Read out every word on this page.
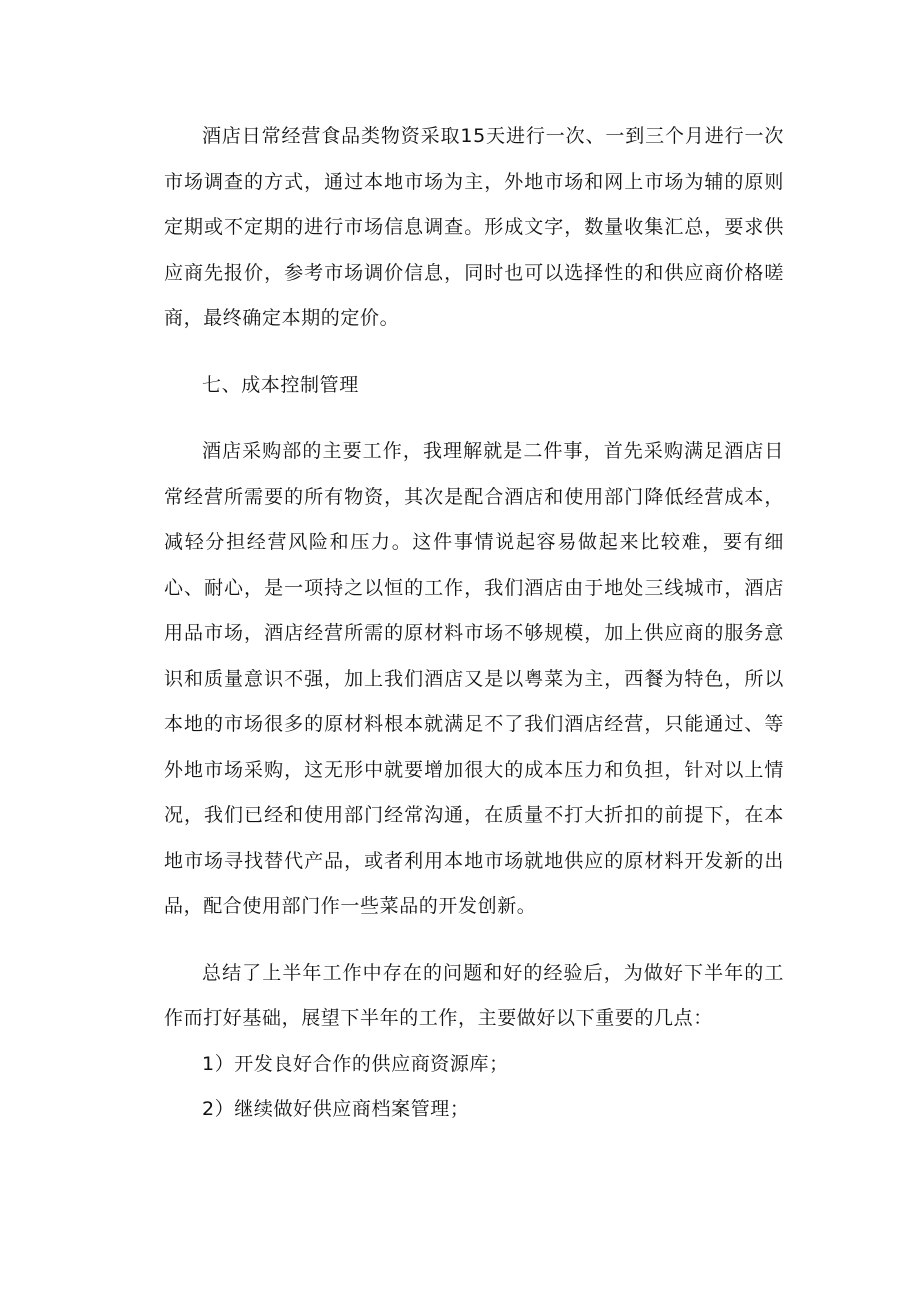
酒店日常经营食品类物资采取15天进行一次、一到三个月进行一次市场调查的方式，通过本地市场为主，外地市场和网上市场为辅的原则定期或不定期的进行市场信息调查。形成文字，数量收集汇总，要求供应商先报价，参考市场调价信息，同时也可以选择性的和供应商价格嗟商，最终确定本期的定价。

七、成本控制管理

酒店采购部的主要工作，我理解就是二件事，首先采购满足酒店日常经营所需要的所有物资，其次是配合酒店和使用部门降低经营成本，减轻分担经营风险和压力。这件事情说起容易做起来比较难，要有细心、耐心，是一项持之以恒的工作，我们酒店由于地处三线城市，酒店用品市场，酒店经营所需的原材料市场不够规模，加上供应商的服务意识和质量意识不强，加上我们酒店又是以粤菜为主，西餐为特色，所以本地的市场很多的原材料根本就满足不了我们酒店经营，只能通过、等外地市场采购，这无形中就要增加很大的成本压力和负担，针对以上情况，我们已经和使用部门经常沟通，在质量不打大折扣的前提下，在本地市场寻找替代产品，或者利用本地市场就地供应的原材料开发新的出品，配合使用部门作一些菜品的开发创新。

总结了上半年工作中存在的问题和好的经验后，为做好下半年的工作而打好基础，展望下半年的工作，主要做好以下重要的几点：

1）开发良好合作的供应商资源库；

2）继续做好供应商档案管理；
